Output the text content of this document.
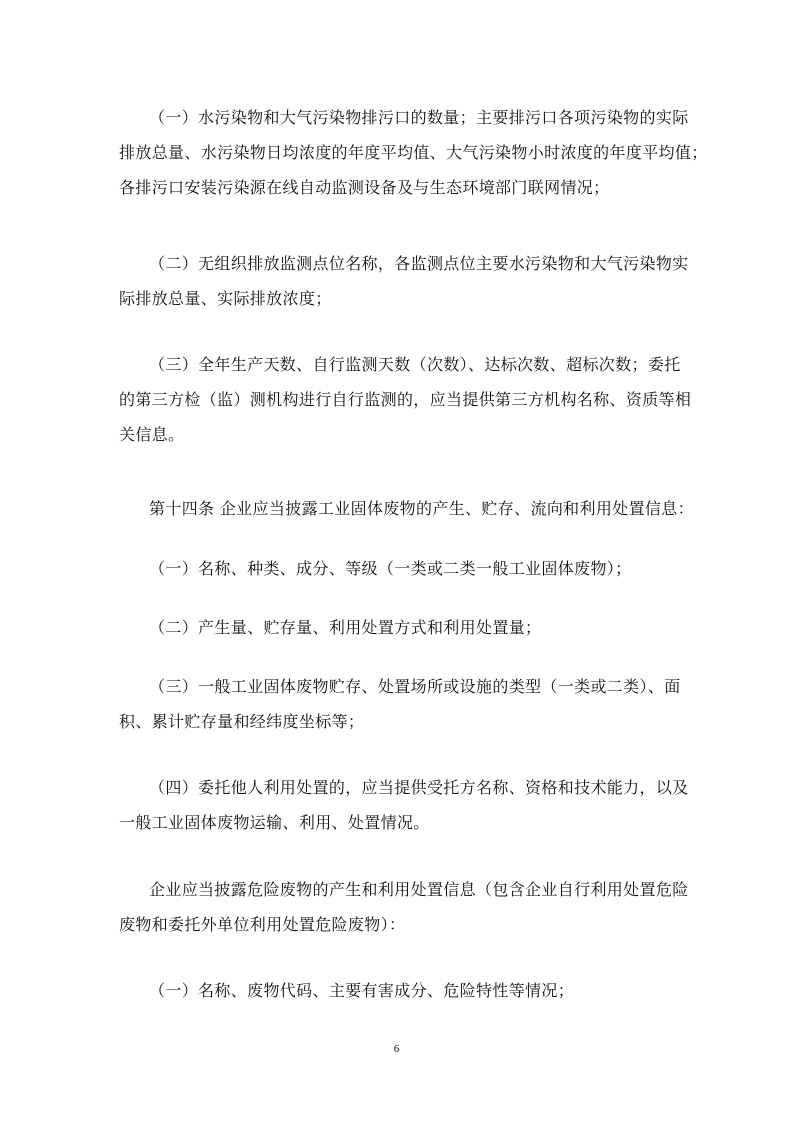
（一）水污染物和大气污染物排污口的数量；主要排污口各项污染物的实际
排放总量、水污染物日均浓度的年度平均值、大气污染物小时浓度的年度平均值；
各排污口安装污染源在线自动监测设备及与生态环境部门联网情况；

（二）无组织排放监测点位名称，各监测点位主要水污染物和大气污染物实
际排放总量、实际排放浓度；

（三）全年生产天数、自行监测天数（次数）、达标次数、超标次数；委托
的第三方检（监）测机构进行自行监测的，应当提供第三方机构名称、资质等相
关信息。

第十四条 企业应当披露工业固体废物的产生、贮存、流向和利用处置信息：

（一）名称、种类、成分、等级（一类或二类一般工业固体废物）；

（二）产生量、贮存量、利用处置方式和利用处置量；

（三）一般工业固体废物贮存、处置场所或设施的类型（一类或二类）、面
积、累计贮存量和经纬度坐标等；

（四）委托他人利用处置的，应当提供受托方名称、资格和技术能力，以及
一般工业固体废物运输、利用、处置情况。

企业应当披露危险废物的产生和利用处置信息（包含企业自行利用处置危险
废物和委托外单位利用处置危险废物）：

（一）名称、废物代码、主要有害成分、危险特性等情况；

6
